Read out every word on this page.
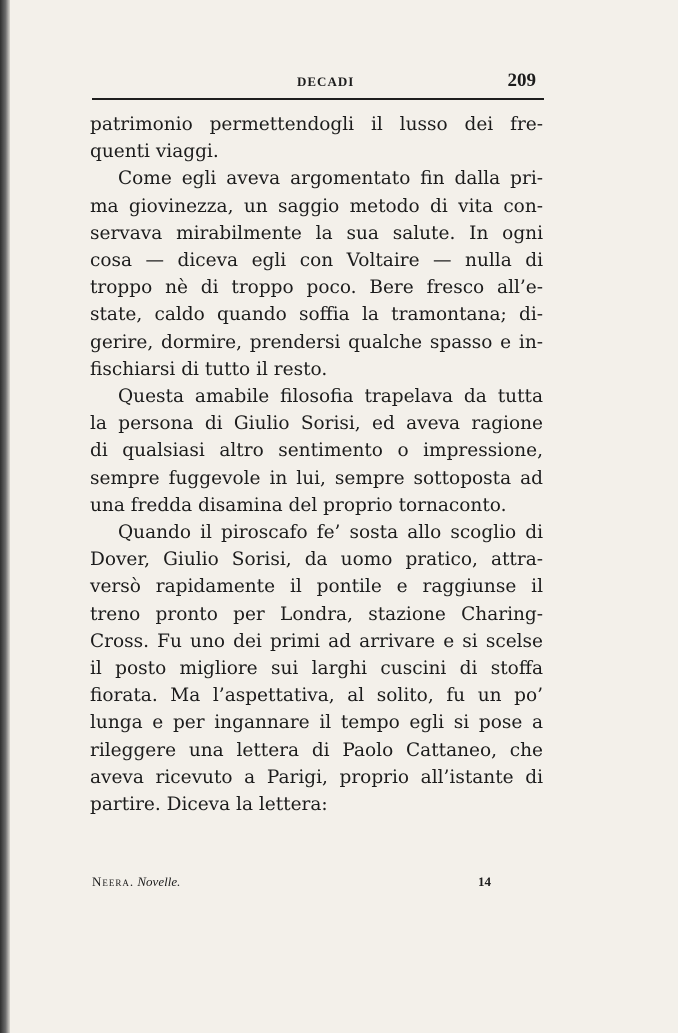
DECADI	209
patrimonio permettendogli il lusso dei fre-
quenti viaggi.
Come egli aveva argomentato fin dalla pri-
ma giovinezza, un saggio metodo di vita con-
servava mirabilmente la sua salute. In ogni
cosa — diceva egli con Voltaire — nulla di
troppo nè di troppo poco. Bere fresco all’e-
state, caldo quando soffia la tramontana; di-
gerire, dormire, prendersi qualche spasso e in-
fischiarsi di tutto il resto.
Questa amabile filosofia trapelava da tutta
la persona di Giulio Sorisi, ed aveva ragione
di qualsiasi altro sentimento o impressione,
sempre fuggevole in lui, sempre sottoposta ad
una fredda disamina del proprio tornaconto.
Quando il piroscafo fe’ sosta allo scoglio di
Dover, Giulio Sorisi, da uomo pratico, attra-
versò rapidamente il pontile e raggiunse il
treno pronto per Londra, stazione Charing-
Cross. Fu uno dei primi ad arrivare e si scelse
il posto migliore sui larghi cuscini di stoffa
fiorata. Ma l’aspettativa, al solito, fu un po’
lunga e per ingannare il tempo egli si pose a
rileggere una lettera di Paolo Cattaneo, che
aveva ricevuto a Parigi, proprio all’istante di
partire. Diceva la lettera:
Neera. Novelle.	14
